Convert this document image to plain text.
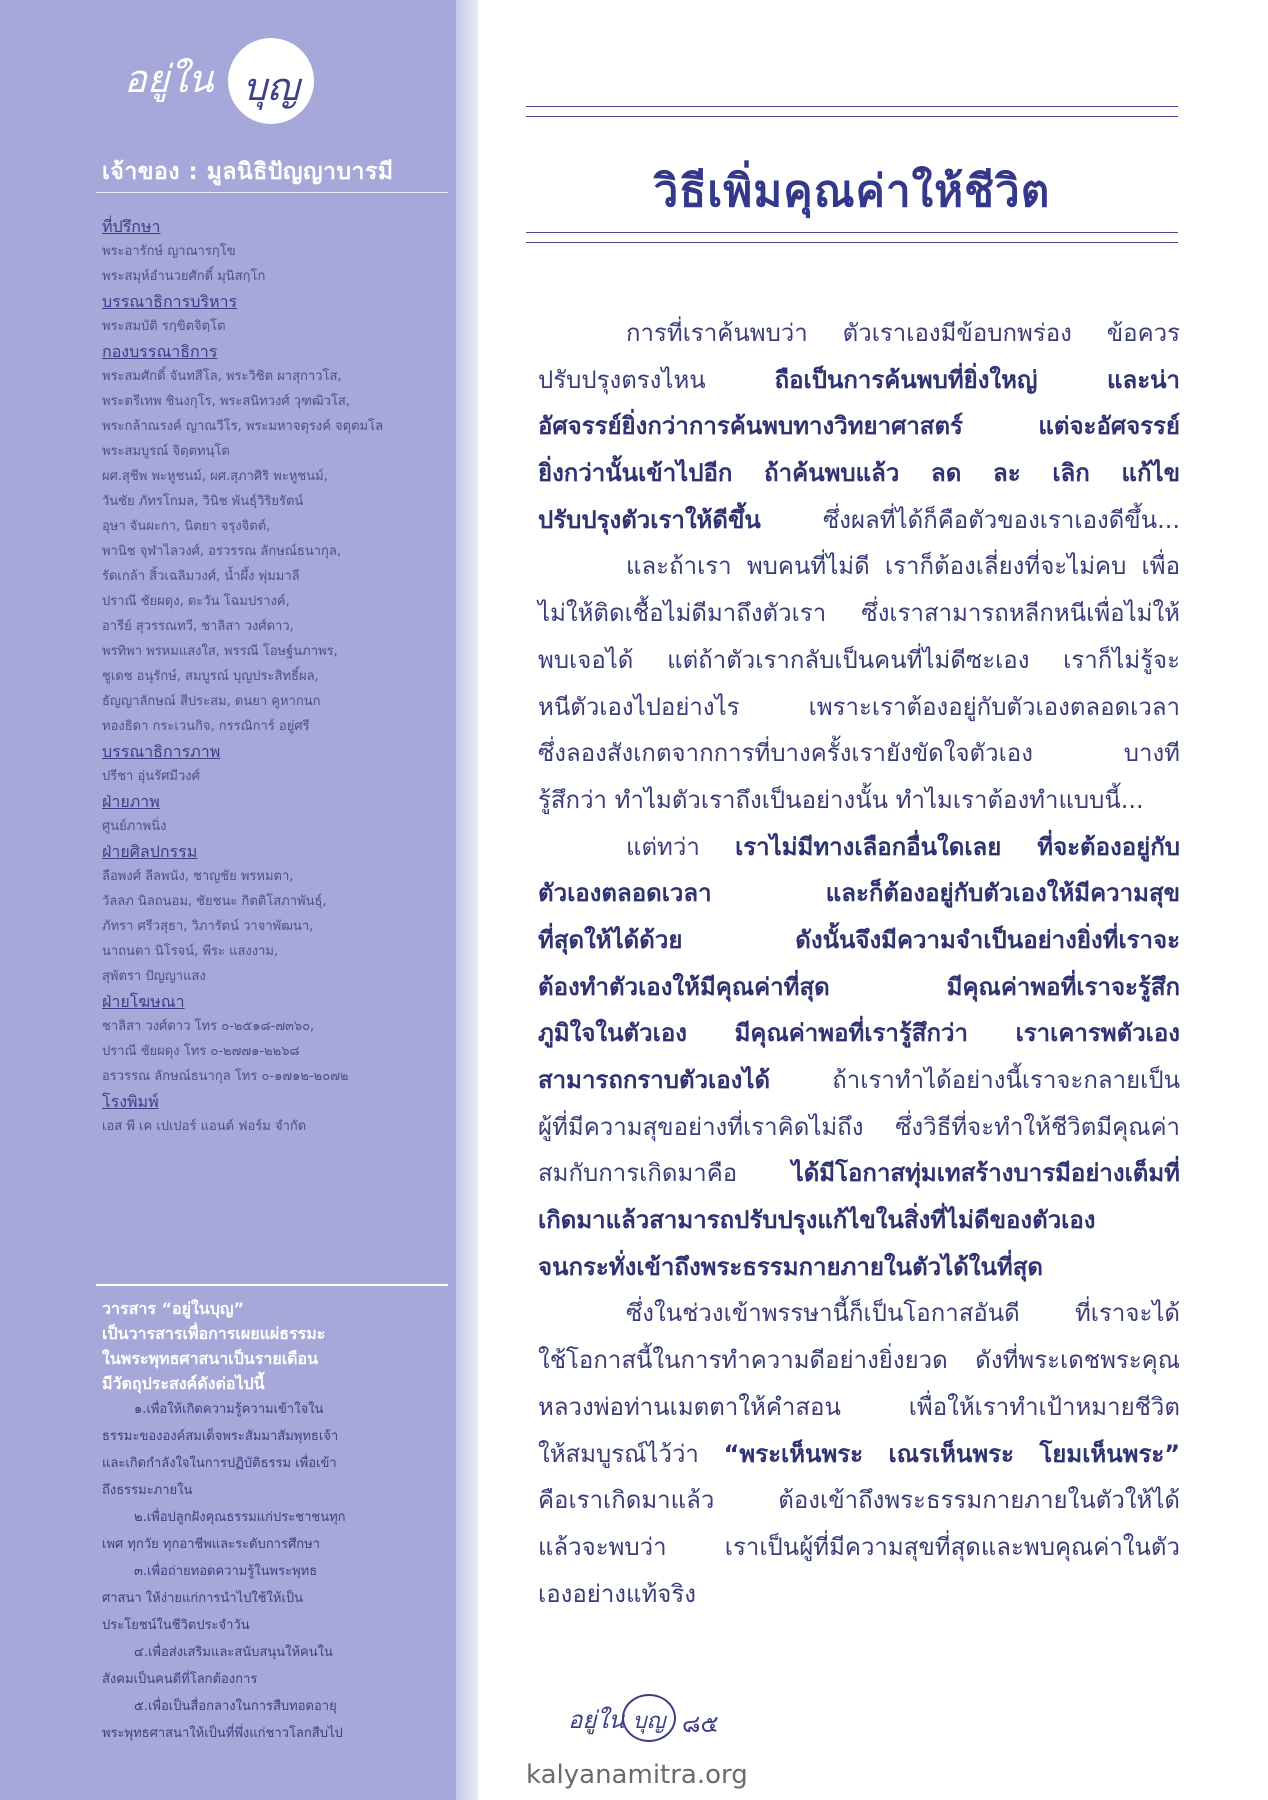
อยู่ใน บุญ
เจ้าของ : มูลนิธิปัญญาบารมี
ที่ปรึกษา
พระอารักษ์ ญาณารกฺโข
พระสมุห์อำนวยศักดิ์ มุนิสกฺโก
บรรณาธิการบริหาร
พระสมบัติ รกฺขิตจิตฺโต
กองบรรณาธิการ
พระสมศักดิ์ จันทสีโล, พระวิชิต ผาสุกาวโส,
พระตรีเทพ ชินงกุโร, พระสนิทวงศ์ วุฑฒิวโส,
พระกล้าณรงค์ ญาณวีโร, พระมหาจตุรงค์ จตุตมโล
พระสมบูรณ์ จิตฺตทนฺโต
ผศ.สุชีพ พะหูชนม์, ผศ.สุภาศิริ พะหูชนม์,
วันชัย ภัทรโกมล, วินิช พันธุ์วิริยรัตน์
อุษา จันผะกา, นิตยา จรุงจิตต์,
พานิช จุฬาไลวงศ์, อรวรรณ ลักษณ์ธนากุล,
รัดเกล้า สิ้วเฉลิมวงศ์, น้ำผึ้ง พุ่มมาลี
ปราณี ชัยผดุง, ตะวัน โฉมปรางค์,
อารีย์ สุวรรณทวี, ชาลิสา วงศ์ดาว,
พรทิพา พรหมแสงใส, พรรณี โอษฐ์นภาพร,
ชูเดช อนุรักษ์, สมบูรณ์ บุญประสิทธิ์ผล,
ธัญญาลักษณ์ สีประสม, ดนยา คูหากนก
ทองธิดา กระเวนกิจ, กรรณิการ์ อยู่ศรี
บรรณาธิการภาพ
ปรีชา อุ่นรัศมีวงศ์
ฝ่ายภาพ
ศูนย์ภาพนิ่ง
ฝ่ายศิลปกรรม
ลือพงศ์ ลีลพนัง, ชาญชัย พรหมตา,
วัลลภ นิลถนอม, ชัยชนะ กิตติโสภาพันธุ์,
ภัทรา ศรีวสุธา, วิภารัตน์ วาจาพัฒนา,
นาถนดา นิโรจน์, พีระ แสงงาม,
สุพัตรา ปัญญาแสง
ฝ่ายโฆษณา
ชาลิสา วงศ์ดาว โทร ๐-๒๕๑๘-๗๓๖๐,
ปราณี ชัยผดุง โทร ๐-๒๗๗๑-๒๒๖๘
อรวรรณ ลักษณ์ธนากุล โทร ๐-๑๗๑๒-๒๐๗๒
โรงพิมพ์
เอส พี เค เปเปอร์ แอนด์ ฟอร์ม จำกัด
วารสาร “อยู่ในบุญ”
เป็นวารสารเพื่อการเผยแผ่ธรรมะ
ในพระพุทธศาสนาเป็นรายเดือน
มีวัตถุประสงค์ดังต่อไปนี้
๑.เพื่อให้เกิดความรู้ความเข้าใจใน
ธรรมะขององค์สมเด็จพระสัมมาสัมพุทธเจ้า
และเกิดกำลังใจในการปฏิบัติธรรม เพื่อเข้า
ถึงธรรมะภายใน
๒.เพื่อปลูกฝังคุณธรรมแก่ประชาชนทุก
เพศ ทุกวัย ทุกอาชีพและระดับการศึกษา
๓.เพื่อถ่ายทอดความรู้ในพระพุทธ
ศาสนา ให้ง่ายแก่การนำไปใช้ให้เป็น
ประโยชน์ในชีวิตประจำวัน
๔.เพื่อส่งเสริมและสนับสนุนให้คนใน
สังคมเป็นคนดีที่โลกต้องการ
๕.เพื่อเป็นสื่อกลางในการสืบทอดอายุ
พระพุทธศาสนาให้เป็นที่พึ่งแก่ชาวโลกสืบไป
วิธีเพิ่มคุณค่าให้ชีวิต
การที่เราค้นพบว่า ตัวเราเองมีข้อบกพร่อง ข้อควร
ปรับปรุงตรงไหน ถือเป็นการค้นพบที่ยิ่งใหญ่ และน่า
อัศจรรย์ยิ่งกว่าการค้นพบทางวิทยาศาสตร์ แต่จะอัศจรรย์
ยิ่งกว่านั้นเข้าไปอีก ถ้าค้นพบแล้ว ลด ละ เลิก แก้ไข
ปรับปรุงตัวเราให้ดีขึ้น ซึ่งผลที่ได้ก็คือตัวของเราเองดีขึ้น...
และถ้าเรา พบคนที่ไม่ดี เราก็ต้องเลี่ยงที่จะไม่คบ เพื่อ
ไม่ให้ติดเชื้อไม่ดีมาถึงตัวเรา ซึ่งเราสามารถหลีกหนีเพื่อไม่ให้
พบเจอได้ แต่ถ้าตัวเรากลับเป็นคนที่ไม่ดีซะเอง เราก็ไม่รู้จะ
หนีตัวเองไปอย่างไร เพราะเราต้องอยู่กับตัวเองตลอดเวลา
ซึ่งลองสังเกตจากการที่บางครั้งเรายังขัดใจตัวเอง บางที
รู้สึกว่า ทำไมตัวเราถึงเป็นอย่างนั้น ทำไมเราต้องทำแบบนี้...
แต่ทว่า เราไม่มีทางเลือกอื่นใดเลย ที่จะต้องอยู่กับ
ตัวเองตลอดเวลา และก็ต้องอยู่กับตัวเองให้มีความสุข
ที่สุดให้ได้ด้วย ดังนั้นจึงมีความจำเป็นอย่างยิ่งที่เราจะ
ต้องทำตัวเองให้มีคุณค่าที่สุด มีคุณค่าพอที่เราจะรู้สึก
ภูมิใจในตัวเอง มีคุณค่าพอที่เรารู้สึกว่า เราเคารพตัวเอง
สามารถกราบตัวเองได้ ถ้าเราทำได้อย่างนี้เราจะกลายเป็น
ผู้ที่มีความสุขอย่างที่เราคิดไม่ถึง ซึ่งวิธีที่จะทำให้ชีวิตมีคุณค่า
สมกับการเกิดมาคือ ได้มีโอกาสทุ่มเทสร้างบารมีอย่างเต็มที่
เกิดมาแล้วสามารถปรับปรุงแก้ไขในสิ่งที่ไม่ดีของตัวเอง
จนกระทั่งเข้าถึงพระธรรมกายภายในตัวได้ในที่สุด
ซึ่งในช่วงเข้าพรรษานี้ก็เป็นโอกาสอันดี ที่เราจะได้
ใช้โอกาสนี้ในการทำความดีอย่างยิ่งยวด ดังที่พระเดชพระคุณ
หลวงพ่อท่านเมตตาให้คำสอน เพื่อให้เราทำเป้าหมายชีวิต
ให้สมบูรณ์ไว้ว่า “พระเห็นพระ เณรเห็นพระ โยมเห็นพระ”
คือเราเกิดมาแล้ว ต้องเข้าถึงพระธรรมกายภายในตัวให้ได้
แล้วจะพบว่า เราเป็นผู้ที่มีความสุขที่สุดและพบคุณค่าในตัว
เองอย่างแท้จริง
อยู่ใน บุญ ๘๕
kalyanamitra.org
